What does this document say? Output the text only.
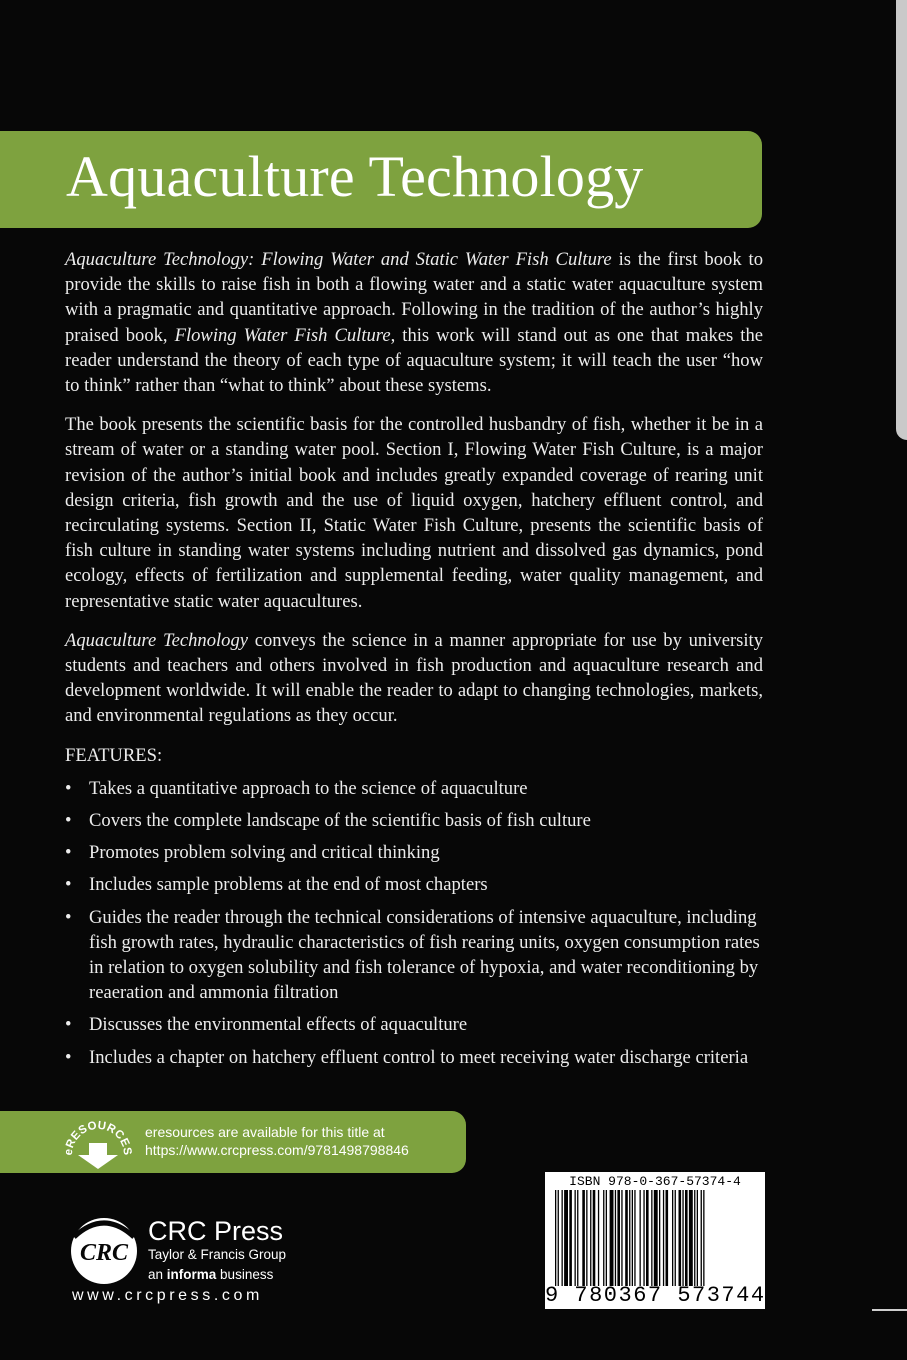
Aquaculture Technology

Aquaculture Technology: Flowing Water and Static Water Fish Culture is the first book to provide the skills to raise fish in both a flowing water and a static water aquaculture system with a pragmatic and quantitative approach. Following in the tradition of the author’s highly praised book, Flowing Water Fish Culture, this work will stand out as one that makes the reader understand the theory of each type of aquaculture system; it will teach the user “how to think” rather than “what to think” about these systems.

The book presents the scientific basis for the controlled husbandry of fish, whether it be in a stream of water or a standing water pool. Section I, Flowing Water Fish Culture, is a major revision of the author’s initial book and includes greatly expanded coverage of rearing unit design criteria, fish growth and the use of liquid oxygen, hatchery effluent control, and recirculating systems. Section II, Static Water Fish Culture, presents the scientific basis of fish culture in standing water systems including nutrient and dissolved gas dynamics, pond ecology, effects of fertilization and supplemental feeding, water quality management, and representative static water aquacultures.

Aquaculture Technology conveys the science in a manner appropriate for use by university students and teachers and others involved in fish production and aquaculture research and development worldwide. It will enable the reader to adapt to changing technologies, markets, and environmental regulations as they occur.

FEATURES:
• Takes a quantitative approach to the science of aquaculture
• Covers the complete landscape of the scientific basis of fish culture
• Promotes problem solving and critical thinking
• Includes sample problems at the end of most chapters
• Guides the reader through the technical considerations of intensive aquaculture, including fish growth rates, hydraulic characteristics of fish rearing units, oxygen consumption rates in relation to oxygen solubility and fish tolerance of hypoxia, and water reconditioning by reaeration and ammonia filtration
• Discusses the environmental effects of aquaculture
• Includes a chapter on hatchery effluent control to meet receiving water discharge criteria
eRESOURCES
eresources are available for this title at
https://www.crcpress.com/9781498798846
CRC
CRC Press
Taylor & Francis Group
an informa business
www.crcpress.com
ISBN 978-0-367-57374-4
9 780367 573744
